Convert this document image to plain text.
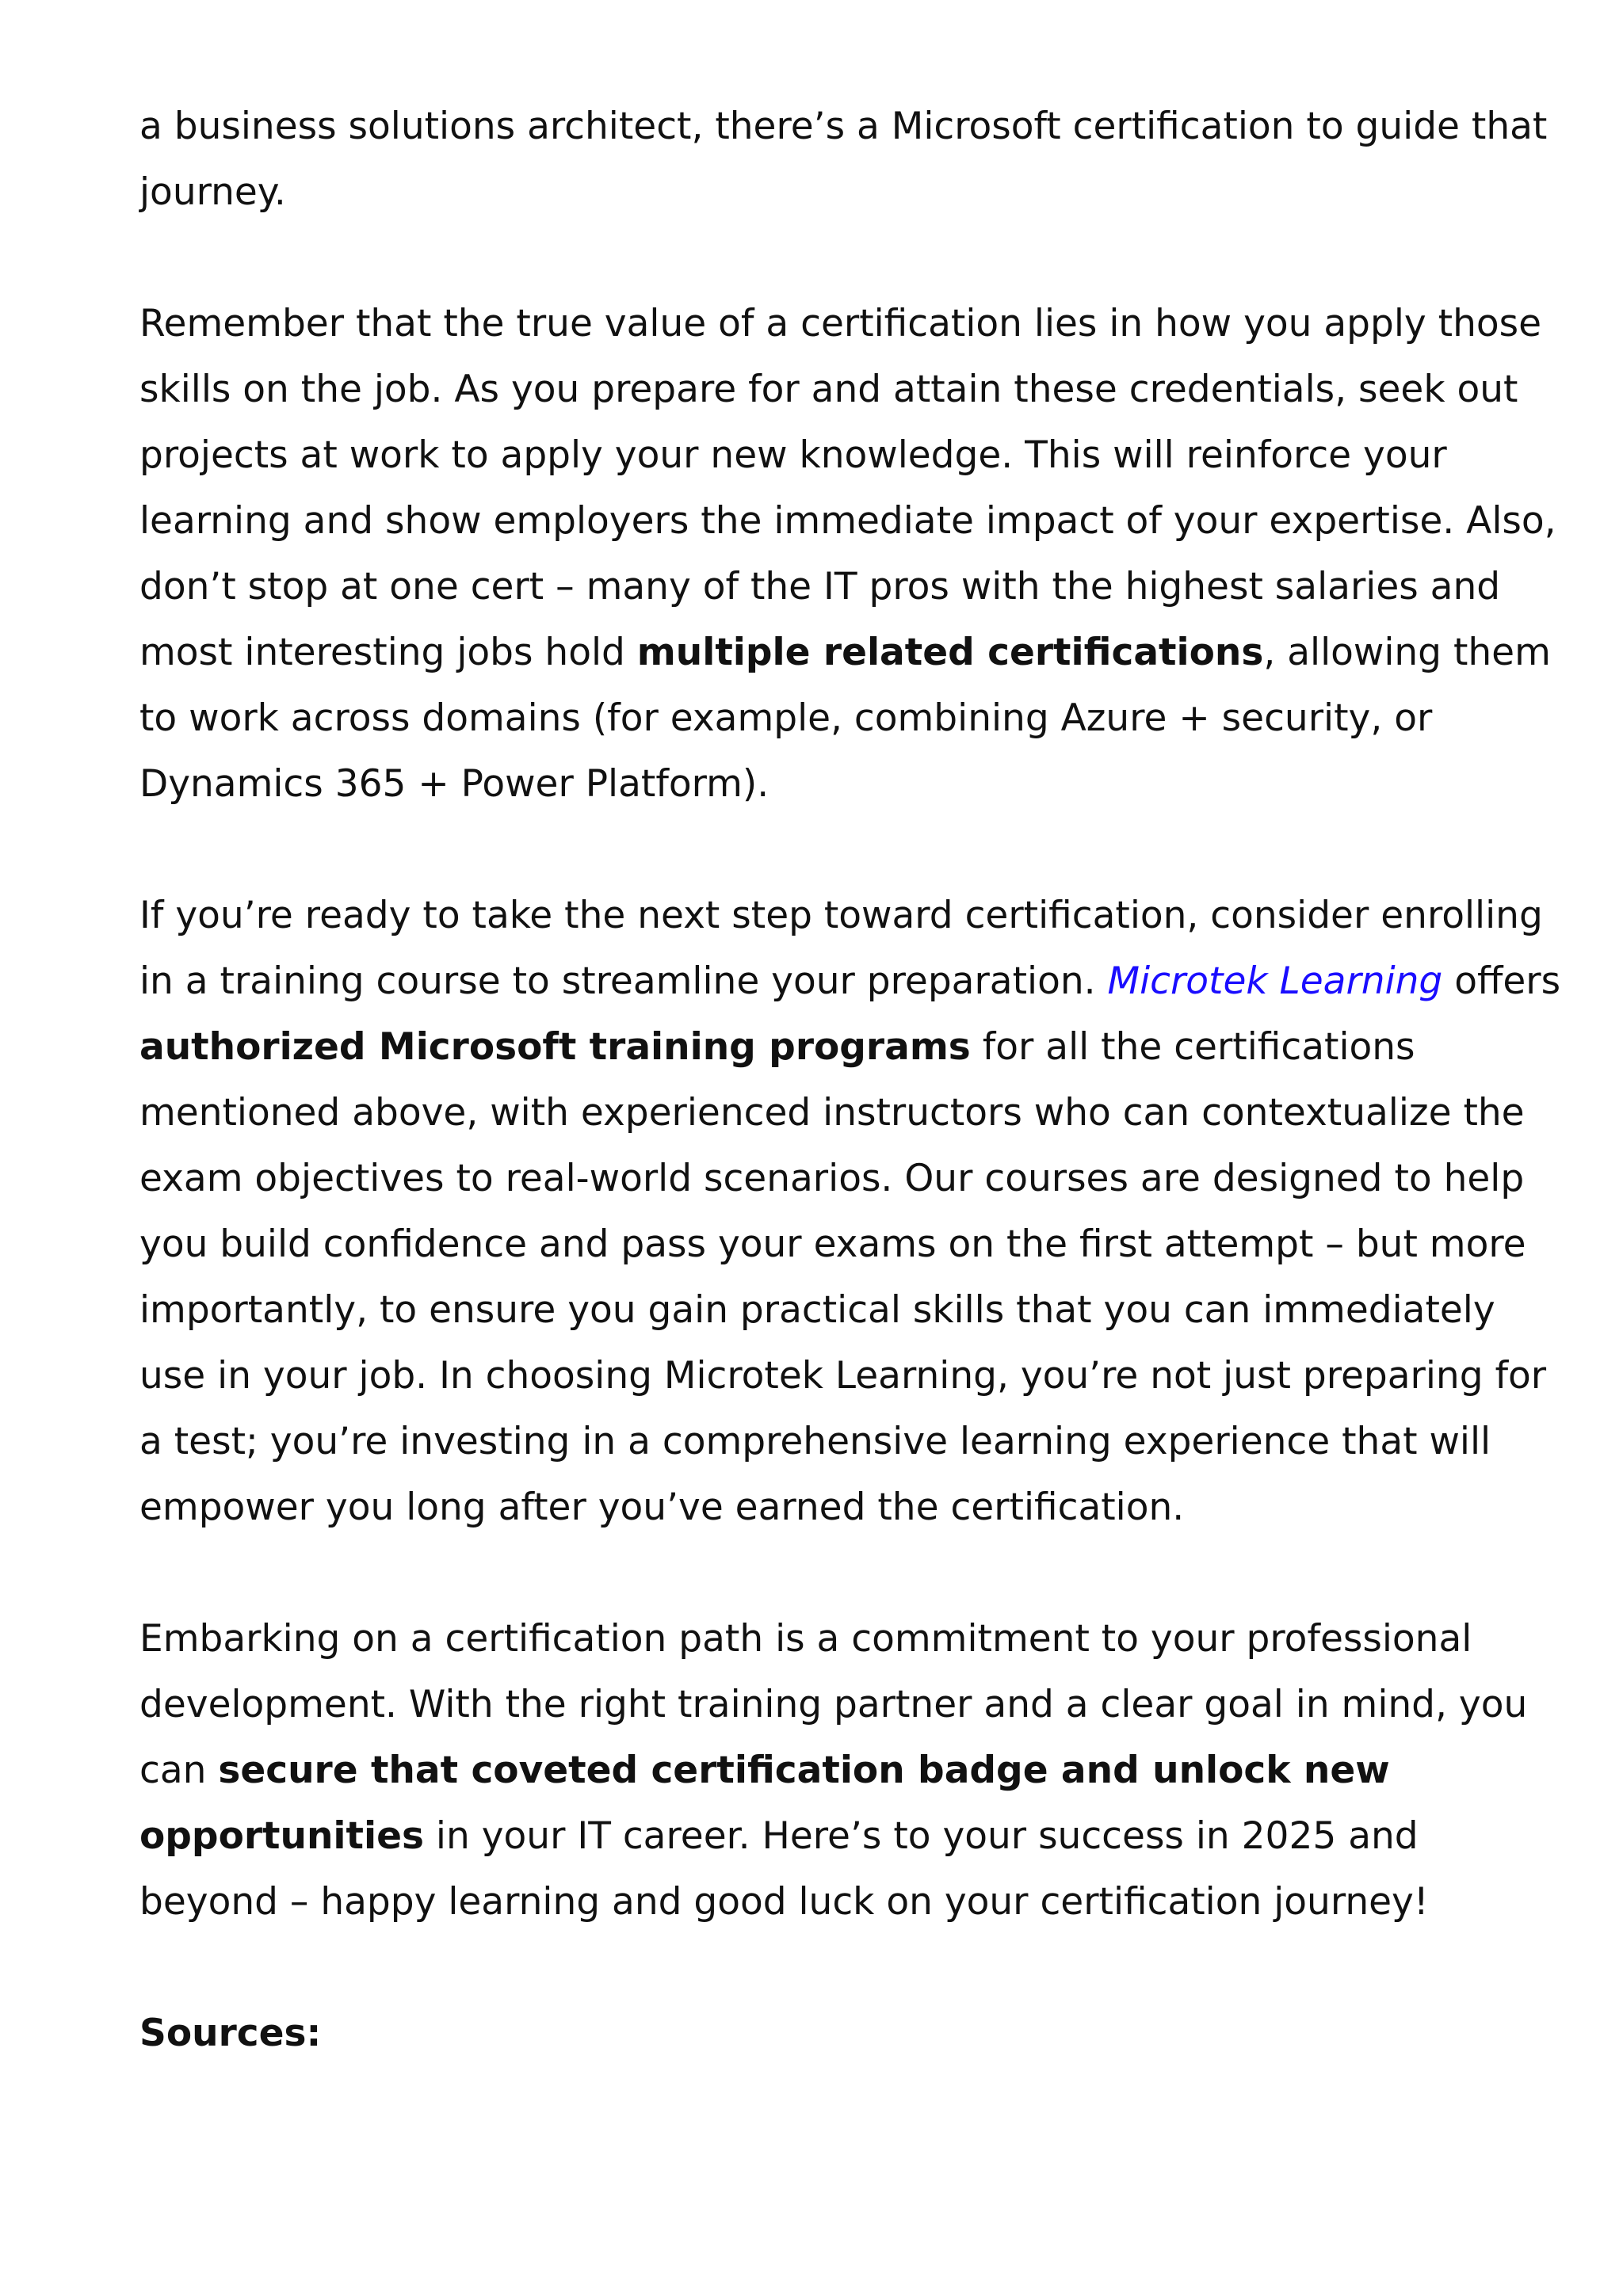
a business solutions architect, there’s a Microsoft certification to guide that journey.

Remember that the true value of a certification lies in how you apply those skills on the job. As you prepare for and attain these credentials, seek out projects at work to apply your new knowledge. This will reinforce your learning and show employers the immediate impact of your expertise. Also, don’t stop at one cert – many of the IT pros with the highest salaries and most interesting jobs hold multiple related certifications, allowing them to work across domains (for example, combining Azure + security, or Dynamics 365 + Power Platform).

If you’re ready to take the next step toward certification, consider enrolling in a training course to streamline your preparation. Microtek Learning offers authorized Microsoft training programs for all the certifications mentioned above, with experienced instructors who can contextualize the exam objectives to real-world scenarios. Our courses are designed to help you build confidence and pass your exams on the first attempt – but more importantly, to ensure you gain practical skills that you can immediately use in your job. In choosing Microtek Learning, you’re not just preparing for a test; you’re investing in a comprehensive learning experience that will empower you long after you’ve earned the certification.

Embarking on a certification path is a commitment to your professional development. With the right training partner and a clear goal in mind, you can secure that coveted certification badge and unlock new opportunities in your IT career. Here’s to your success in 2025 and beyond – happy learning and good luck on your certification journey!

Sources:
